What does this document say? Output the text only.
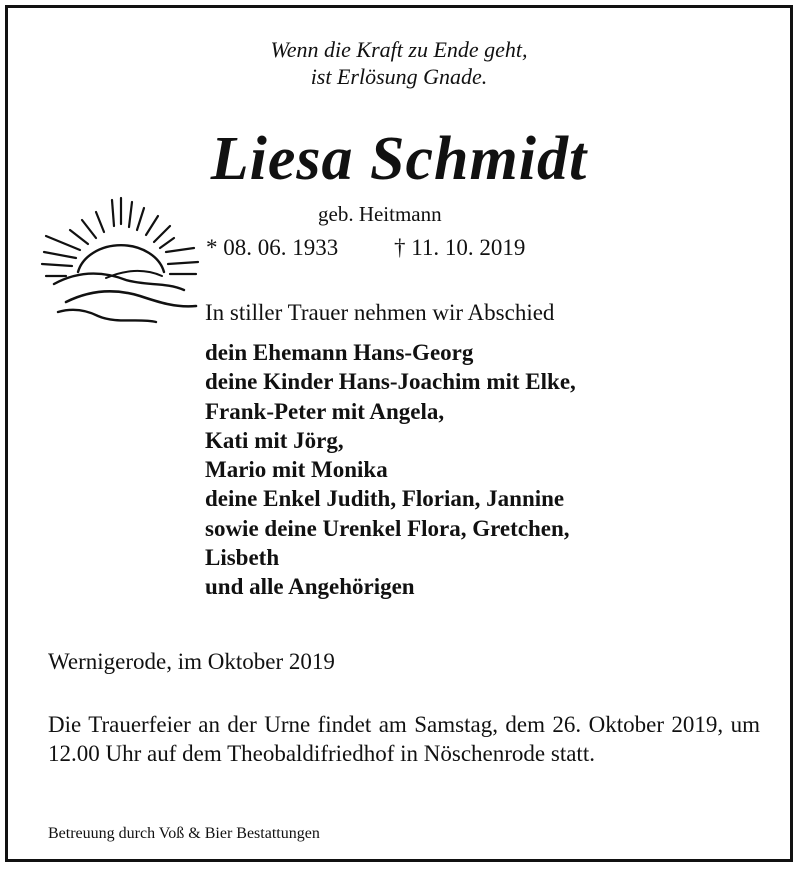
Wenn die Kraft zu Ende geht,
ist Erlösung Gnade.
Liesa Schmidt
geb. Heitmann
* 08. 06. 1933 † 11. 10. 2019
In stiller Trauer nehmen wir Abschied
dein Ehemann Hans-Georg
deine Kinder Hans-Joachim mit Elke,
Frank-Peter mit Angela,
Kati mit Jörg,
Mario mit Monika
deine Enkel Judith, Florian, Jannine
sowie deine Urenkel Flora, Gretchen,
Lisbeth
und alle Angehörigen
Wernigerode, im Oktober 2019
Die Trauerfeier an der Urne findet am Samstag, dem 26. Oktober 2019, um 12.00 Uhr auf dem Theobaldifriedhof in Nöschenrode statt.
Betreuung durch Voß & Bier Bestattungen
